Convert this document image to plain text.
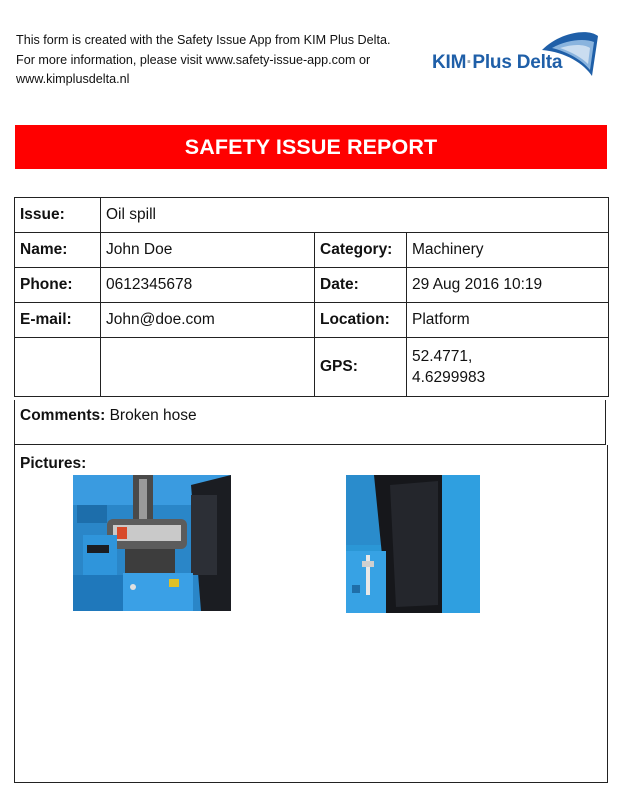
This form is created with the Safety Issue App from KIM Plus Delta.
For more information, please visit www.safety-issue-app.com or
www.kimplusdelta.nl
KIM·Plus Delta
SAFETY ISSUE REPORT
Issue:	Oil spill		
Name:	John Doe	Category:	Machinery
Phone:	0612345678	Date:	29 Aug 2016 10:19
E-mail:	John@doe.com	Location:	Platform
		GPS:	52.4771,
4.6299983
Comments: Broken hose
Pictures:
